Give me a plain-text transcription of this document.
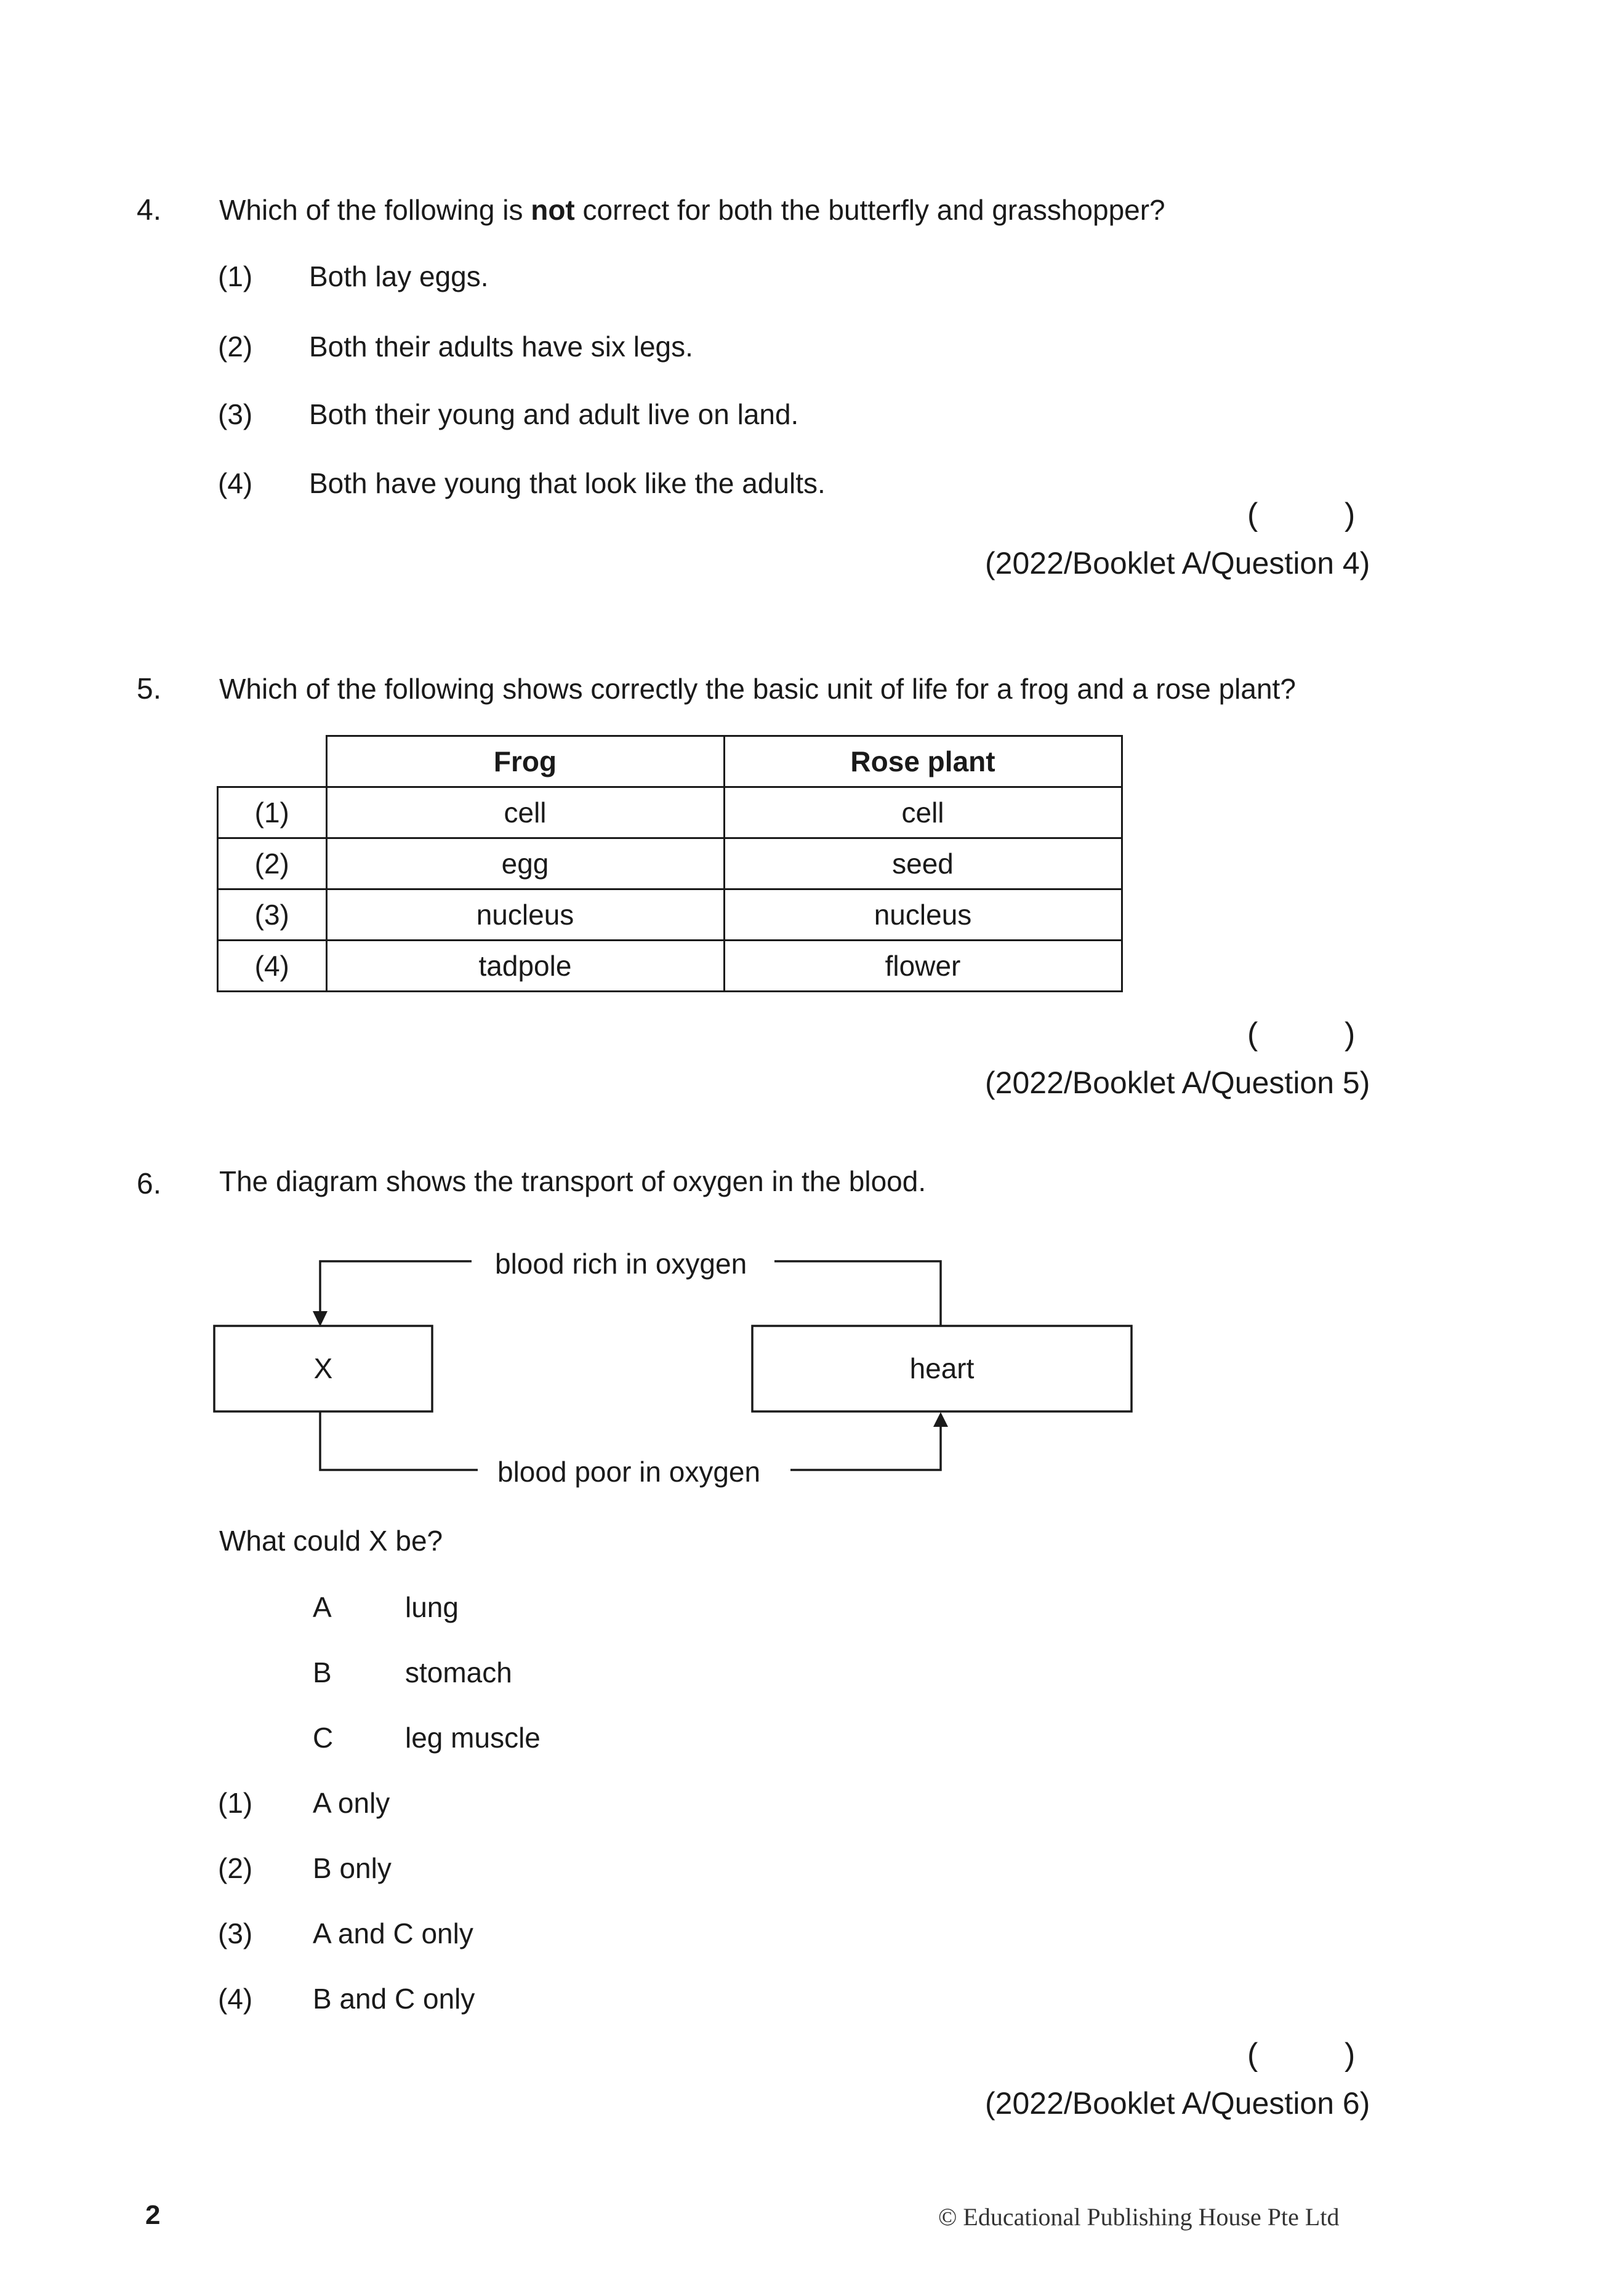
4. Which of the following is not correct for both the butterfly and grasshopper?
(1) Both lay eggs.
(2) Both their adults have six legs.
(3) Both their young and adult live on land.
(4) Both have young that look like the adults.
(	)
(2022/Booklet A/Question 4)
5. Which of the following shows correctly the basic unit of life for a frog and a rose plant?
	Frog	Rose plant
(1)	cell	cell
(2)	egg	seed
(3)	nucleus	nucleus
(4)	tadpole	flower
(	)
(2022/Booklet A/Question 5)
6. The diagram shows the transport of oxygen in the blood.
blood rich in oxygen
blood poor in oxygen
X	heart
What could X be?
A	lung
B	stomach
C	leg muscle
(1) A only
(2) B only
(3) A and C only
(4) B and C only
(	)
(2022/Booklet A/Question 6)
2	© Educational Publishing House Pte Ltd
